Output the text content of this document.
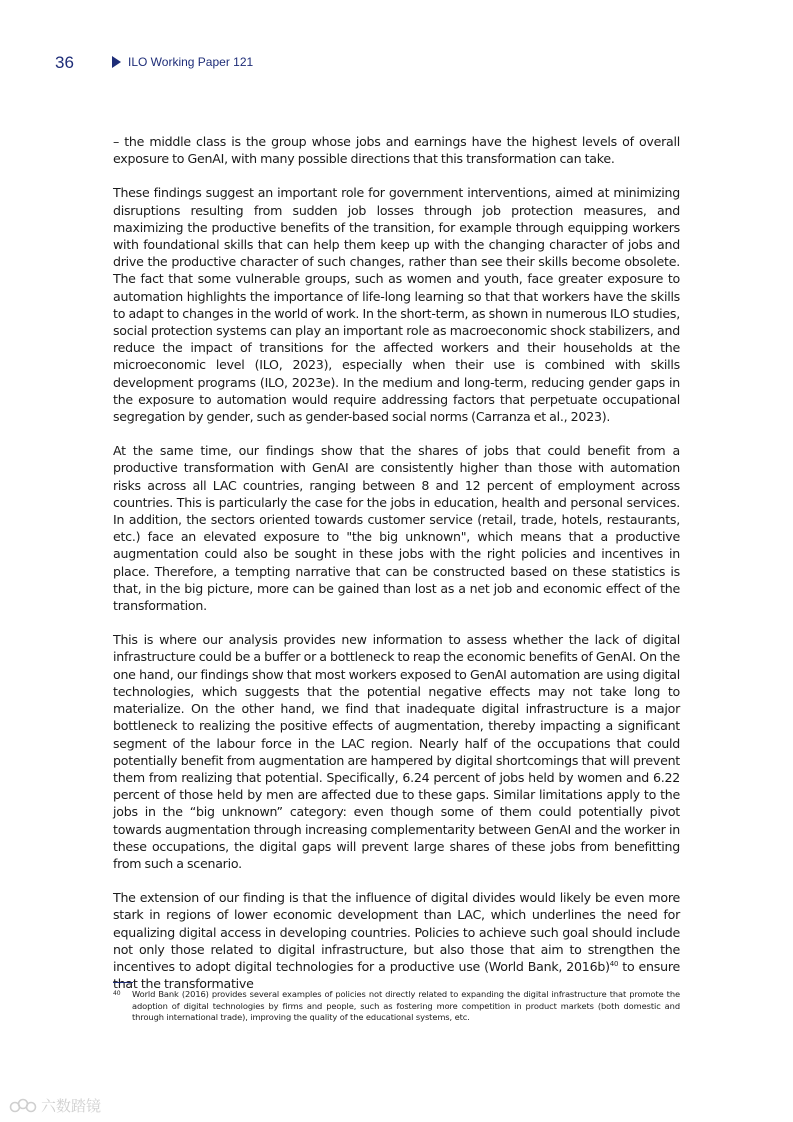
36	ILO Working Paper 121

– the middle class is the group whose jobs and earnings have the highest levels of overall exposure to GenAI, with many possible directions that this transformation can take.

These findings suggest an important role for government interventions, aimed at minimizing disruptions resulting from sudden job losses through job protection measures, and maximizing the productive benefits of the transition, for example through equipping workers with foundational skills that can help them keep up with the changing character of jobs and drive the productive character of such changes, rather than see their skills become obsolete. The fact that some vulnerable groups, such as women and youth, face greater exposure to automation highlights the importance of life-long learning so that that workers have the skills to adapt to changes in the world of work. In the short-term, as shown in numerous ILO studies, social protection systems can play an important role as macroeconomic shock stabilizers, and reduce the impact of transitions for the affected workers and their households at the microeconomic level (ILO, 2023), especially when their use is combined with skills development programs (ILO, 2023e). In the medium and long-term, reducing gender gaps in the exposure to automation would require addressing factors that perpetuate occupational segregation by gender, such as gender-based social norms (Carranza et al., 2023).

At the same time, our findings show that the shares of jobs that could benefit from a productive transformation with GenAI are consistently higher than those with automation risks across all LAC countries, ranging between 8 and 12 percent of employment across countries. This is particularly the case for the jobs in education, health and personal services. In addition, the sectors oriented towards customer service (retail, trade, hotels, restaurants, etc.) face an elevated exposure to "the big unknown", which means that a productive augmentation could also be sought in these jobs with the right policies and incentives in place. Therefore, a tempting narrative that can be constructed based on these statistics is that, in the big picture, more can be gained than lost as a net job and economic effect of the transformation.

This is where our analysis provides new information to assess whether the lack of digital infrastructure could be a buffer or a bottleneck to reap the economic benefits of GenAI. On the one hand, our findings show that most workers exposed to GenAI automation are using digital technologies, which suggests that the potential negative effects may not take long to materialize. On the other hand, we find that inadequate digital infrastructure is a major bottleneck to realizing the positive effects of augmentation, thereby impacting a significant segment of the labour force in the LAC region. Nearly half of the occupations that could potentially benefit from augmentation are hampered by digital shortcomings that will prevent them from realizing that potential. Specifically, 6.24 percent of jobs held by women and 6.22 percent of those held by men are affected due to these gaps. Similar limitations apply to the jobs in the “big unknown” category: even though some of them could potentially pivot towards augmentation through increasing complementarity between GenAI and the worker in these occupations, the digital gaps will prevent large shares of these jobs from benefitting from such a scenario.

The extension of our finding is that the influence of digital divides would likely be even more stark in regions of lower economic development than LAC, which underlines the need for equalizing digital access in developing countries. Policies to achieve such goal should include not only those related to digital infrastructure, but also those that aim to strengthen the incentives to adopt digital technologies for a productive use (World Bank, 2016b)$^{40}$ to ensure that the transformative

40	World Bank (2016) provides several examples of policies not directly related to expanding the digital infrastructure that promote the adoption of digital technologies by firms and people, such as fostering more competition in product markets (both domestic and through international trade), improving the quality of the educational systems, etc.
六数踏镜
